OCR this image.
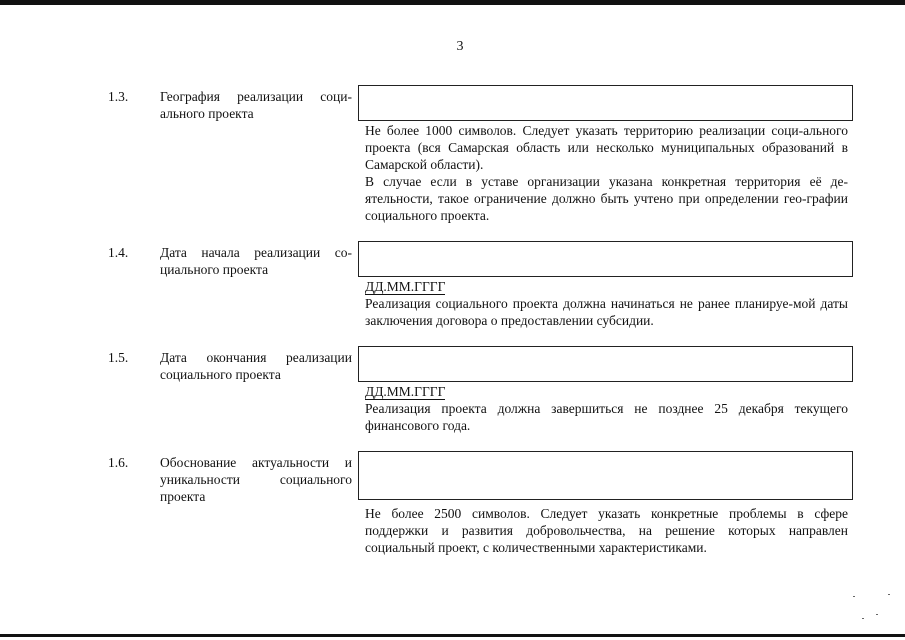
3
1.3.	География реализации соци-альнoго проекта

Не более 1000 символов. Следует указать территорию реализации соци-ального проекта (вся Самарская область или несколько муниципальных образований в Самарской области).

В случае если в уставе организации указана конкретная территория её де-ятельности, такое ограничение должно быть учтено при определении гео-графии социального проекта.

1.4.	Дата начала реализации со-циального проекта

ДД.ММ.ГГГГ

Реализация социального проекта должна начинаться не ранее планируе-мой даты заключения договора о предоставлении субсидии.

1.5.	Дата окончания реализации социального проекта

ДД.ММ.ГГГГ

Реализация проекта должна завершиться не позднее 25 декабря текущего финансового года.

1.6.	Обоснование актуальности и уникальности социального проекта

Не более 2500 символов. Следует указать конкретные проблемы в сфере поддержки и развития добровольчества, на решение которых направлен социальный проект, с количественными характеристиками.
